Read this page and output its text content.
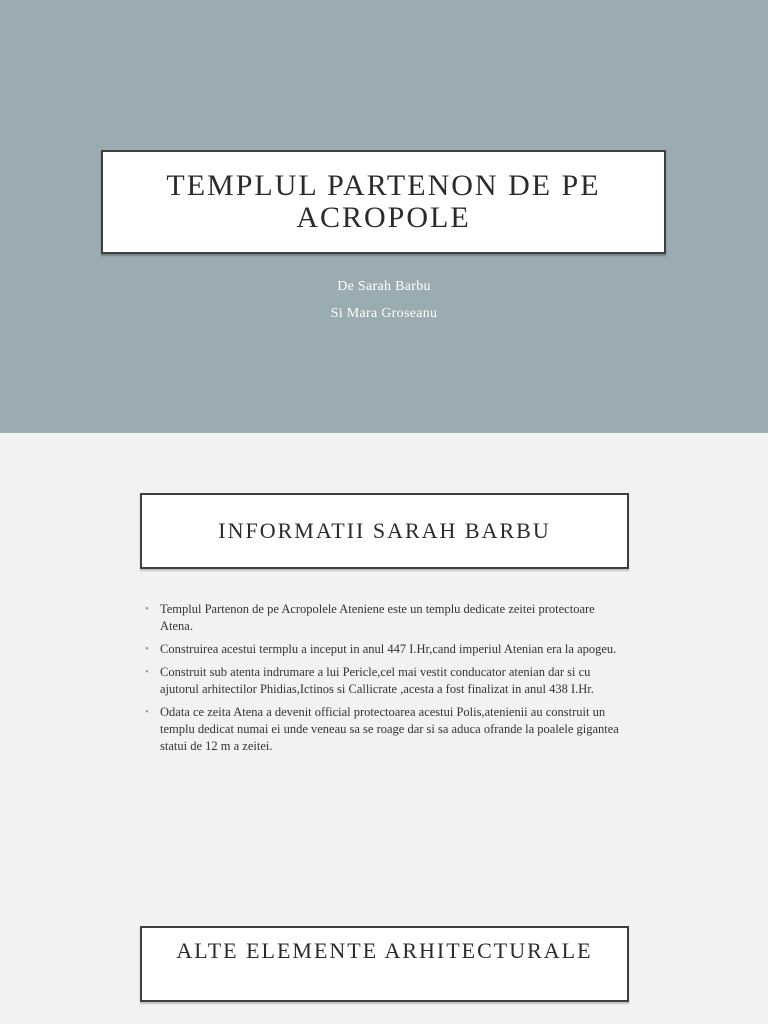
TEMPLUL PARTENON DE PE ACROPOLE
De Sarah Barbu
Si Mara Groseanu
INFORMATII SARAH BARBU
• Templul Partenon de pe Acropolele Ateniene este un templu dedicate zeitei protectoare Atena.
• Construirea acestui termplu a inceput in anul 447 I.Hr,cand imperiul Atenian era la apogeu.
• Construit sub atenta indrumare a lui Pericle,cel mai vestit conducator atenian dar si cu ajutorul arhitectilor Phidias,Ictinos si Callicrate ,acesta a fost finalizat in anul 438 I.Hr.
• Odata ce zeita Atena a devenit official protectoarea acestui Polis,atenienii au construit un templu dedicat numai ei unde veneau sa se roage dar si sa aduca ofrande la poalele gigantea statui de 12 m a zeitei.
ALTE ELEMENTE ARHITECTURALE
